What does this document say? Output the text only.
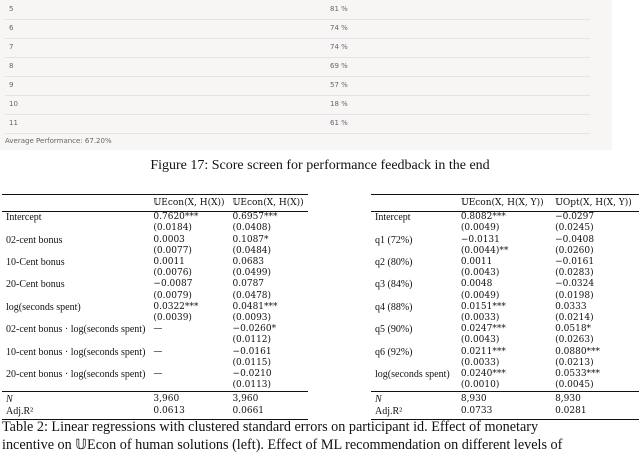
5	81 %
6	74 %
7	74 %
8	69 %
9	57 %
10	18 %
11	61 %
Average Performance: 67.20%
Figure 17: Score screen for performance feedback in the end
	𝕌Econ(X, H(X))	𝕌Econ(X, H(X))
Intercept	0.7620***	0.6957***
	(0.0184)	(0.0408)
02-cent bonus	0.0003	0.1087*
	(0.0077)	(0.0484)
10-Cent bonus	0.0011	0.0683
	(0.0076)	(0.0499)
20-Cent bonus	−0.0087	0.0787
	(0.0079)	(0.0478)
log(seconds spent)	0.0322***	0.0481***
	(0.0039)	(0.0093)
02-cent bonus · log(seconds spent)	—	−0.0260*
		(0.0112)
10-cent bonus · log(seconds spent)	—	−0.0161
		(0.0115)
20-cent bonus · log(seconds spent)	—	−0.0210
		(0.0113)
N	3,960	3,960
Adj.R²	0.0613	0.0661
	𝕌Econ(X, H(X, Y))	𝕌Opt(X, H(X, Y))
Intercept	0.8082***	−0.0297
	(0.0049)	(0.0245)
q1 (72%)	−0.0131	−0.0408
	(0.0044)**	(0.0260)
q2 (80%)	0.0011	−0.0161
	(0.0043)	(0.0283)
q3 (84%)	0.0048	−0.0324
	(0.0049)	(0.0198)
q4 (88%)	0.0151***	0.0333
	(0.0033)	(0.0214)
q5 (90%)	0.0247***	0.0518*
	(0.0043)	(0.0263)
q6 (92%)	0.0211***	0.0880***
	(0.0033)	(0.0213)
log(seconds spent)	0.0240***	0.0533***
	(0.0010)	(0.0045)
N	8,930	8,930
Adj.R²	0.0733	0.0281
Table 2: Linear regressions with clustered standard errors on participant id. Effect of monetary
incentive on 𝕌Econ of human solutions (left). Effect of ML recommendation on different levels of
